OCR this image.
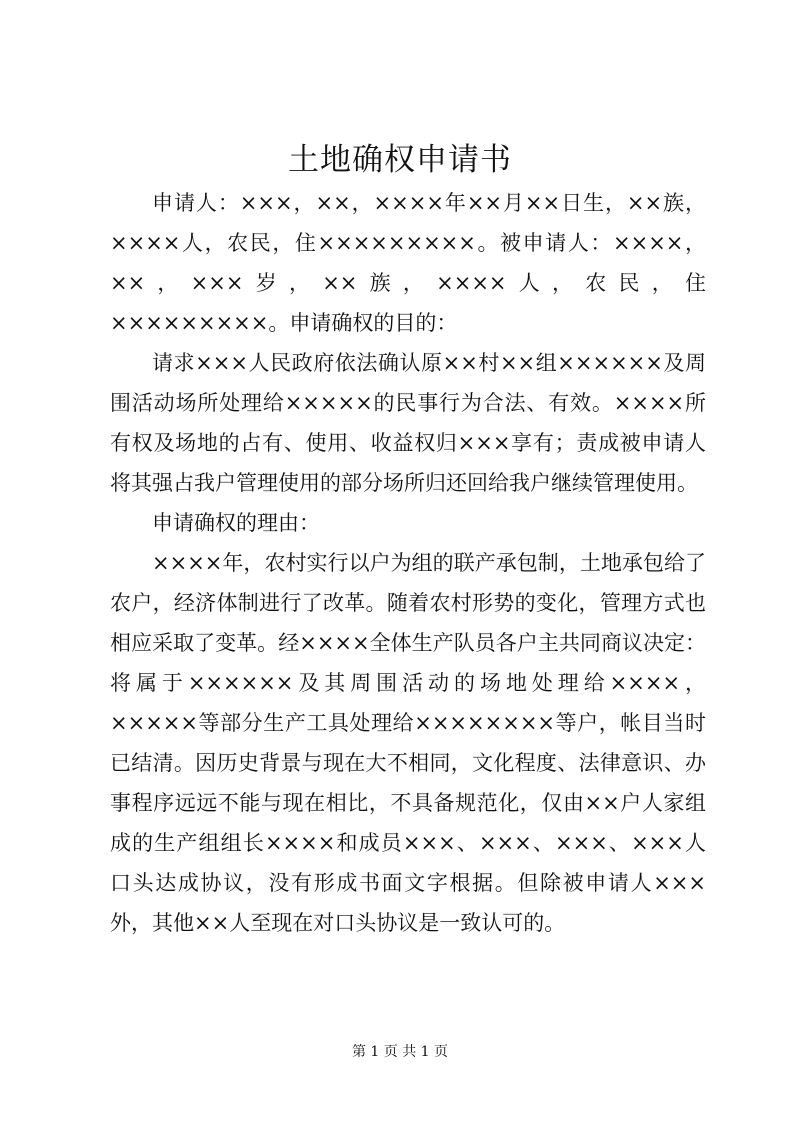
土地确权申请书

申请人：×××，××，××××年××月××日生，××族，××××人，农民，住×××××××××。被申请人：××××，××，×××岁，××族，××××人，农民，住×××××××××。申请确权的目的：

请求×××人民政府依法确认原××村××组××××××及周围活动场所处理给×××××的民事行为合法、有效。××××所有权及场地的占有、使用、收益权归×××享有；责成被申请人将其强占我户管理使用的部分场所归还回给我户继续管理使用。

申请确权的理由：

××××年，农村实行以户为组的联产承包制，土地承包给了农户，经济体制进行了改革。随着农村形势的变化，管理方式也相应采取了变革。经××××全体生产队员各户主共同商议决定：将属于××××××及其周围活动的场地处理给××××，×××××等部分生产工具处理给××××××××等户，帐目当时已结清。因历史背景与现在大不相同，文化程度、法律意识、办事程序远远不能与现在相比，不具备规范化，仅由××户人家组成的生产组组长××××和成员×××、×××、×××、×××人口头达成协议，没有形成书面文字根据。但除被申请人×××外，其他××人至现在对口头协议是一致认可的。

第 1 页 共 1 页
